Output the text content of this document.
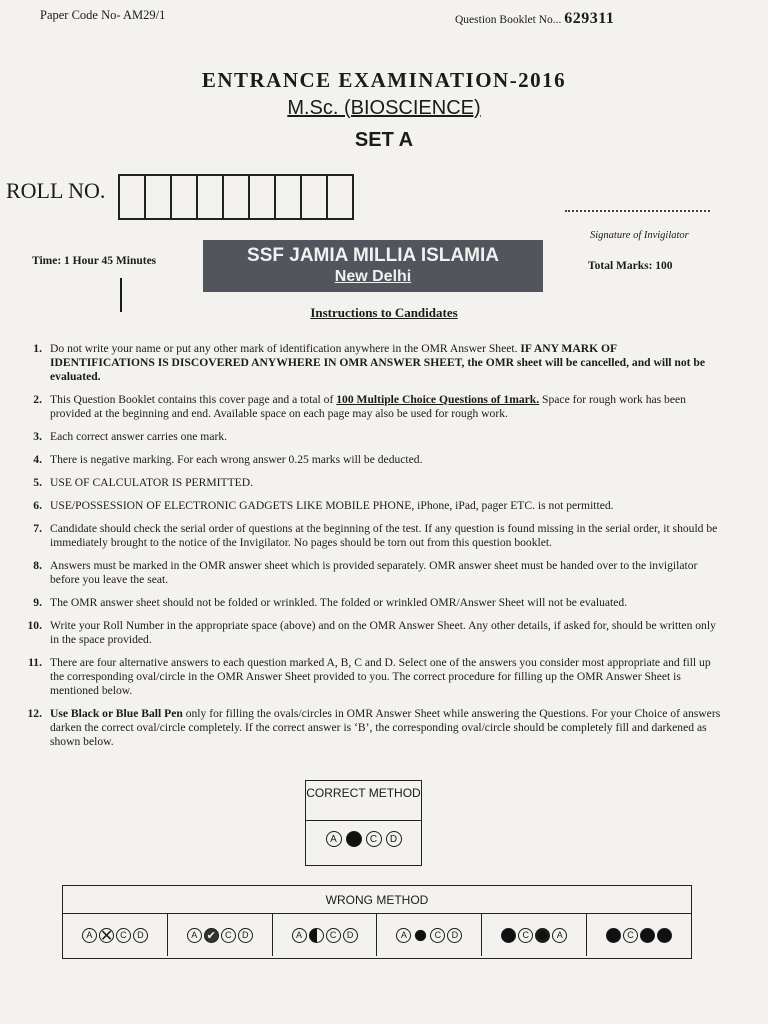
Paper Code No- AM29/1	Question Booklet No... 629311
ENTRANCE EXAMINATION-2016
M.Sc. (BIOSCIENCE)
SET A
ROLL NO.
Signature of Invigilator
Time: 1 Hour 45 Minutes	SSF JAMIA MILLIA ISLAMIA
New Delhi
Total Marks: 100
Instructions to Candidates
1. Do not write your name or put any other mark of identification anywhere in the OMR Answer Sheet. IF ANY MARK OF IDENTIFICATIONS IS DISCOVERED ANYWHERE IN OMR ANSWER SHEET, the OMR sheet will be cancelled, and will not be evaluated.
2. This Question Booklet contains this cover page and a total of 100 Multiple Choice Questions of 1mark. Space for rough work has been provided at the beginning and end. Available space on each page may also be used for rough work.
3. Each correct answer carries one mark.
4. There is negative marking. For each wrong answer 0.25 marks will be deducted.
5. USE OF CALCULATOR IS PERMITTED.
6. USE/POSSESSION OF ELECTRONIC GADGETS LIKE MOBILE PHONE, iPhone, iPad, pager ETC. is not permitted.
7. Candidate should check the serial order of questions at the beginning of the test. If any question is found missing in the serial order, it should be immediately brought to the notice of the Invigilator. No pages should be torn out from this question booklet.
8. Answers must be marked in the OMR answer sheet which is provided separately. OMR answer sheet must be handed over to the invigilator before you leave the seat.
9. The OMR answer sheet should not be folded or wrinkled. The folded or wrinkled OMR/Answer Sheet will not be evaluated.
10. Write your Roll Number in the appropriate space (above) and on the OMR Answer Sheet. Any other details, if asked for, should be written only in the space provided.
11. There are four alternative answers to each question marked A, B, C and D. Select one of the answers you consider most appropriate and fill up the corresponding oval/circle in the OMR Answer Sheet provided to you. The correct procedure for filling up the OMR Answer Sheet is mentioned below.
12. Use Black or Blue Ball Pen only for filling the ovals/circles in OMR Answer Sheet while answering the Questions. For your Choice of answers darken the correct oval/circle completely. If the correct answer is ‘B’, the corresponding oval/circle should be completely fill and darkened as shown below.
CORRECT METHOD
A	C	D
WRONG METHOD
A ✕	C	D	A ✔	C	D	A	C	D	A	C	D	C	A	C
